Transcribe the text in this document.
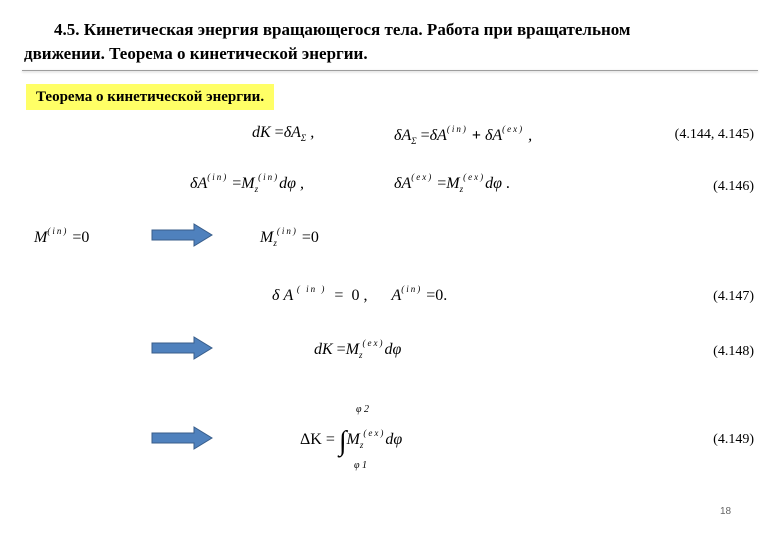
4.5. Кинетическая энергия вращающегося тела. Работа при вращательном
движении. Теорема о кинетической энергии.
Теорема о кинетической энергии.
dK $=\delta A_\Sigma$ ,	$\delta A_\Sigma =\delta A^{(in)} + \delta A^{(ex)}$ ,	(4.144, 4.145)
$\delta A^{(in)} =M_z^{(in)}d\varphi$ ,	$\delta A^{(ex)} =M_z^{(ex)}d\varphi$ .	(4.146)
$M^{(in)} =0$	$M_z^{(in)} =0$
δ A $^{( in )}$  =  0 ,      $A^{(in)} =0$.	(4.147)
dK $=M_z^{(ex)}d\varphi$	(4.148)
φ 2
$\Delta K = \int M_z^{(ex)}d\varphi$
φ 1
(4.149)
18
